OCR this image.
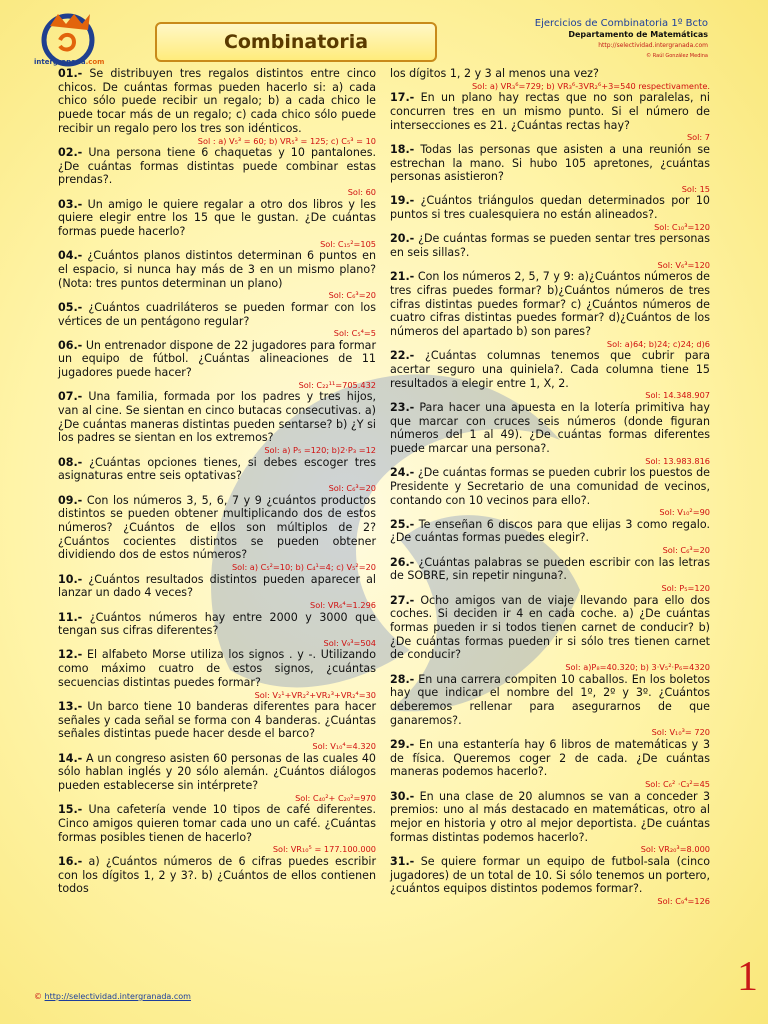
intergranada.com
Combinatoria
Ejercicios de Combinatoria 1º Bcto
Departamento de Matemáticas
http://selectividad.intergranada.com
© Raúl González Medina
01.- Se distribuyen tres regalos distintos entre cinco chicos. De cuántas formas pueden hacerlo si: a) cada chico sólo puede recibir un regalo; b) a cada chico le puede tocar más de un regalo; c) cada chico sólo puede recibir un regalo pero los tres son idénticos.
Sol : a) V₅³ = 60; b) VR₅³ = 125; c) C₅³ = 10
02.- Una persona tiene 6 chaquetas y 10 pantalones. ¿De cuántas formas distintas puede combinar estas prendas?.
Sol: 60
03.- Un amigo le quiere regalar a otro dos libros y les quiere elegir entre los 15 que le gustan. ¿De cuántas formas puede hacerlo?
Sol: C₁₅²=105
04.- ¿Cuántos planos distintos determinan 6 puntos en el espacio, si nunca hay más de 3 en un mismo plano? (Nota: tres puntos determinan un plano)
Sol: C₆³=20
05.- ¿Cuántos cuadriláteros se pueden formar con los vértices de un pentágono regular?
Sol: C₅⁴=5
06.- Un entrenador dispone de 22 jugadores para formar un equipo de fútbol. ¿Cuántas alineaciones de 11 jugadores puede hacer?
Sol: C₂₂¹¹=705.432
07.- Una familia, formada por los padres y tres hijos, van al cine. Se sientan en cinco butacas consecutivas. a) ¿De cuántas maneras distintas pueden sentarse? b) ¿Y si los padres se sientan en los extremos?
Sol: a) P₅ =120; b)2·P₃ =12
08.- ¿Cuántas opciones tienes, si debes escoger tres asignaturas entre seis optativas?
Sol: C₆³=20
09.- Con los números 3, 5, 6, 7 y 9 ¿cuántos productos distintos se pueden obtener multiplicando dos de estos números? ¿Cuántos de ellos son múltiplos de 2? ¿Cuántos cocientes distintos se pueden obtener dividiendo dos de estos números?
Sol: a) C₅²=10; b) C₄¹=4; c) V₅²=20
10.- ¿Cuántos resultados distintos pueden aparecer al lanzar un dado 4 veces?
Sol: VR₆⁴=1.296
11.- ¿Cuántos números hay entre 2000 y 3000 que tengan sus cifras diferentes?
Sol: V₉³=504
12.- El alfabeto Morse utiliza los signos . y -. Utilizando como máximo cuatro de estos signos, ¿cuántas secuencias distintas puedes formar?
Sol: V₂¹+VR₂²+VR₂³+VR₂⁴=30
13.- Un barco tiene 10 banderas diferentes para hacer señales y cada señal se forma con 4 banderas. ¿Cuántas señales distintas puede hacer desde el barco?
Sol: V₁₀⁴=4.320
14.- A un congreso asisten 60 personas de las cuales 40 sólo hablan inglés y 20 sólo alemán. ¿Cuántos diálogos pueden establecerse sin intérprete?
Sol: C₄₀²+ C₂₀²=970
15.- Una cafetería vende 10 tipos de café diferentes. Cinco amigos quieren tomar cada uno un café. ¿Cuántas formas posibles tienen de hacerlo?
Sol: VR₁₀⁵ = 177.100.000
16.- a) ¿Cuántos números de 6 cifras puedes escribir con los dígitos 1, 2 y 3?. b) ¿Cuántos de ellos contienen todos
los dígitos 1, 2 y 3 al menos una vez?
Sol: a) VR₃⁶=729; b) VR₃⁶-3VR₂⁶+3=540 respectivamente.
17.- En un plano hay rectas que no son paralelas, ni concurren tres en un mismo punto. Si el número de intersecciones es 21. ¿Cuántas rectas hay?
Sol: 7
18.- Todas las personas que asisten a una reunión se estrechan la mano. Si hubo 105 apretones, ¿cuántas personas asistieron?
Sol: 15
19.- ¿Cuántos triángulos quedan determinados por 10 puntos si tres cualesquiera no están alineados?.
Sol: C₁₀³=120
20.- ¿De cuántas formas se pueden sentar tres personas en seis sillas?.
Sol: V₆³=120
21.- Con los números 2, 5, 7 y 9: a)¿Cuántos números de tres cifras puedes formar? b)¿Cuántos números de tres cifras distintas puedes formar? c) ¿Cuántos números de cuatro cifras distintas puedes formar? d)¿Cuántos de los números del apartado b) son pares?
Sol: a)64; b)24; c)24; d)6
22.- ¿Cuántas columnas tenemos que cubrir para acertar seguro una quiniela?. Cada columna tiene 15 resultados a elegir entre 1, X, 2.
Sol: 14.348.907
23.- Para hacer una apuesta en la lotería primitiva hay que marcar con cruces seis números (donde figuran números del 1 al 49). ¿De cuántas formas diferentes puede marcar una persona?.
Sol: 13.983.816
24.- ¿De cuántas formas se pueden cubrir los puestos de Presidente y Secretario de una comunidad de vecinos, contando con 10 vecinos para ello?.
Sol: V₁₀²=90
25.- Te enseñan 6 discos para que elijas 3 como regalo. ¿De cuántas formas puedes elegir?.
Sol: C₆³=20
26.- ¿Cuántas palabras se pueden escribir con las letras de SOBRE, sin repetir ninguna?.
Sol: P₅=120
27.- Ocho amigos van de viaje llevando para ello dos coches. Si deciden ir 4 en cada coche. a) ¿De cuántas formas pueden ir si todos tienen carnet de conducir? b) ¿De cuántas formas pueden ir si sólo tres tienen carnet de conducir?
Sol: a)P₈=40.320; b) 3·V₅²·P₆=4320
28.- En una carrera compiten 10 caballos. En los boletos hay que indicar el nombre del 1º, 2º y 3º. ¿Cuántos deberemos rellenar para asegurarnos de que ganaremos?.
Sol: V₁₀³= 720
29.- En una estantería hay 6 libros de matemáticas y 3 de física. Queremos coger 2 de cada. ¿De cuántas maneras podemos hacerlo?.
Sol: C₆² ·C₃²=45
30.- En una clase de 20 alumnos se van a conceder 3 premios: uno al más destacado en matemáticas, otro al mejor en historia y otro al mejor deportista. ¿De cuántas formas distintas podemos hacerlo?.
Sol: VR₂₀³=8.000
31.- Se quiere formar un equipo de futbol-sala (cinco jugadores) de un total de 10. Si sólo tenemos un portero, ¿cuántos equipos distintos podemos formar?.
Sol: C₉⁴=126
1
© http://selectividad.intergranada.com
